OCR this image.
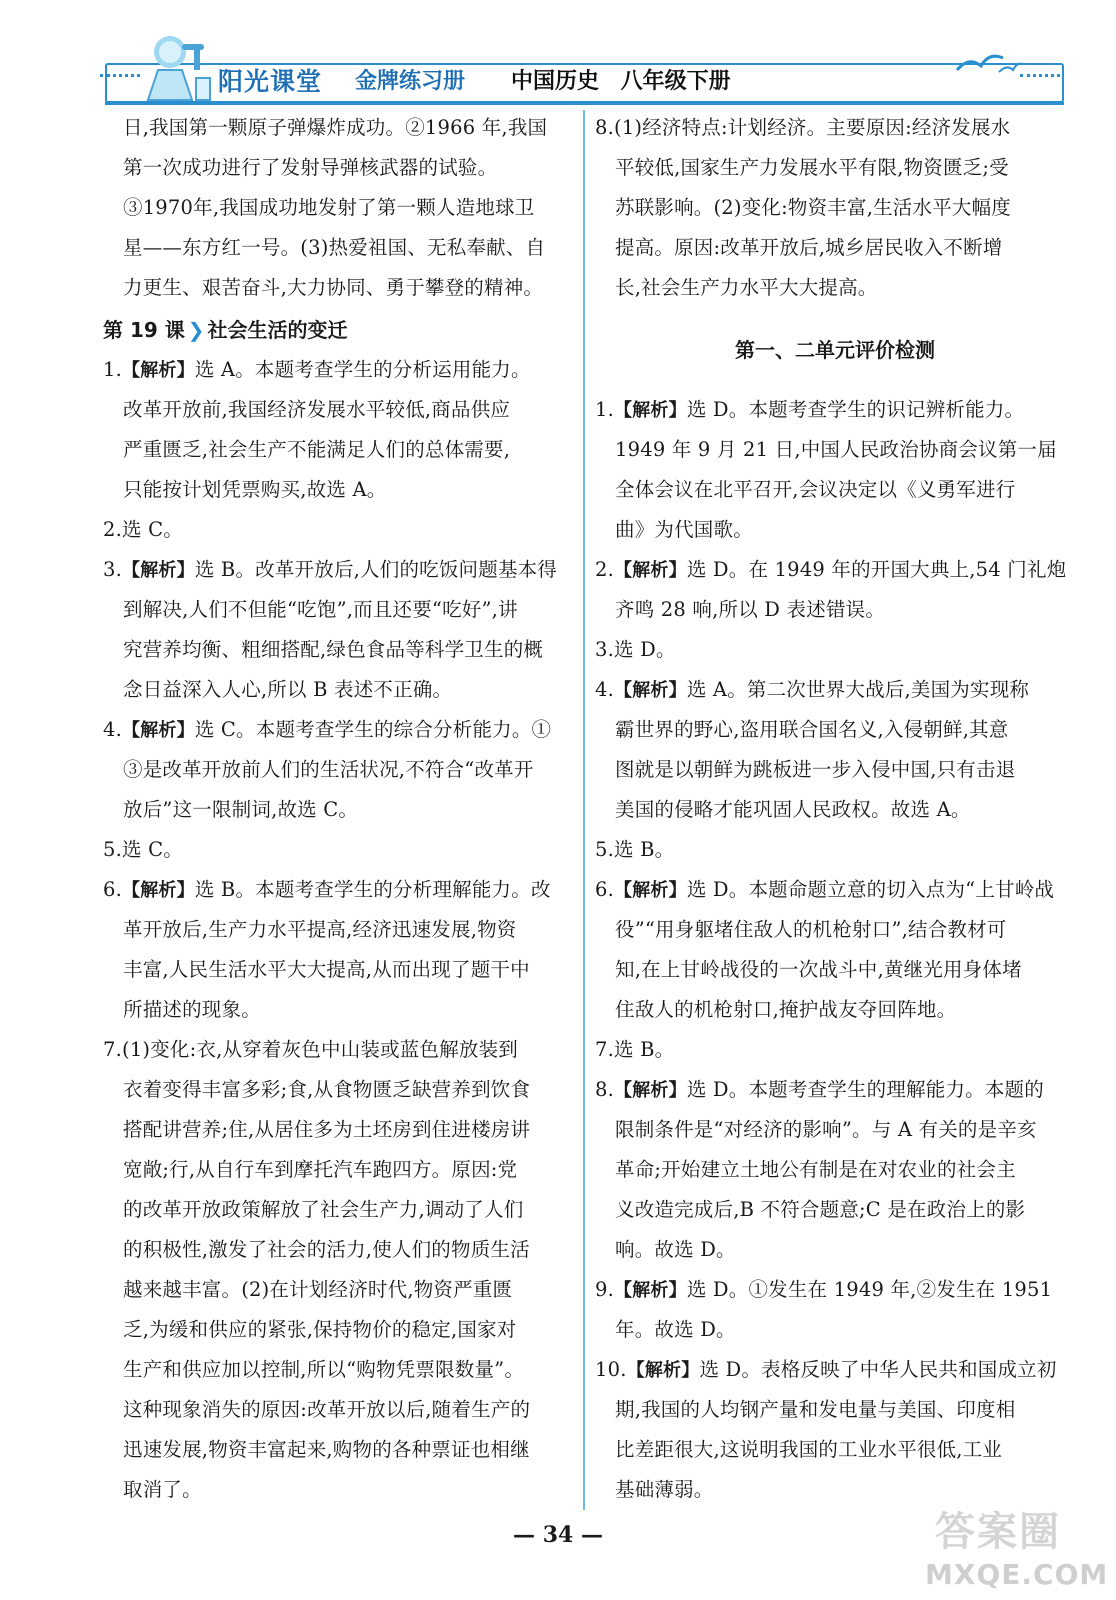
阳光课堂 金牌练习册 中国历史 八年级下册
日,我国第一颗原子弹爆炸成功。②1966 年,我国
第一次成功进行了发射导弹核武器的试验。
③1970年,我国成功地发射了第一颗人造地球卫
星——东方红一号。(3)热爱祖国、无私奉献、自
力更生、艰苦奋斗,大力协同、勇于攀登的精神。
第 19 课 ❯ 社会生活的变迁
1.【解析】选 A。本题考查学生的分析运用能力。
改革开放前,我国经济发展水平较低,商品供应
严重匮乏,社会生产不能满足人们的总体需要,
只能按计划凭票购买,故选 A。
2.选 C。
3.【解析】选 B。改革开放后,人们的吃饭问题基本得
到解决,人们不但能“吃饱”,而且还要“吃好”,讲
究营养均衡、粗细搭配,绿色食品等科学卫生的概
念日益深入人心,所以 B 表述不正确。
4.【解析】选 C。本题考查学生的综合分析能力。①
③是改革开放前人们的生活状况,不符合“改革开
放后”这一限制词,故选 C。
5.选 C。
6.【解析】选 B。本题考查学生的分析理解能力。改
革开放后,生产力水平提高,经济迅速发展,物资
丰富,人民生活水平大大提高,从而出现了题干中
所描述的现象。
7.(1)变化:衣,从穿着灰色中山装或蓝色解放装到
衣着变得丰富多彩;食,从食物匮乏缺营养到饮食
搭配讲营养;住,从居住多为土坯房到住进楼房讲
宽敞;行,从自行车到摩托汽车跑四方。原因:党
的改革开放政策解放了社会生产力,调动了人们
的积极性,激发了社会的活力,使人们的物质生活
越来越丰富。(2)在计划经济时代,物资严重匮
乏,为缓和供应的紧张,保持物价的稳定,国家对
生产和供应加以控制,所以“购物凭票限数量”。
这种现象消失的原因:改革开放以后,随着生产的
迅速发展,物资丰富起来,购物的各种票证也相继
取消了。
8.(1)经济特点:计划经济。主要原因:经济发展水
平较低,国家生产力发展水平有限,物资匮乏;受
苏联影响。(2)变化:物资丰富,生活水平大幅度
提高。原因:改革开放后,城乡居民收入不断增
长,社会生产力水平大大提高。
第一、二单元评价检测
1.【解析】选 D。本题考查学生的识记辨析能力。
1949 年 9 月 21 日,中国人民政治协商会议第一届
全体会议在北平召开,会议决定以《义勇军进行
曲》为代国歌。
2.【解析】选 D。在 1949 年的开国大典上,54 门礼炮
齐鸣 28 响,所以 D 表述错误。
3.选 D。
4.【解析】选 A。第二次世界大战后,美国为实现称
霸世界的野心,盗用联合国名义,入侵朝鲜,其意
图就是以朝鲜为跳板进一步入侵中国,只有击退
美国的侵略才能巩固人民政权。故选 A。
5.选 B。
6.【解析】选 D。本题命题立意的切入点为“上甘岭战
役”“用身躯堵住敌人的机枪射口”,结合教材可
知,在上甘岭战役的一次战斗中,黄继光用身体堵
住敌人的机枪射口,掩护战友夺回阵地。
7.选 B。
8.【解析】选 D。本题考查学生的理解能力。本题的
限制条件是“对经济的影响”。与 A 有关的是辛亥
革命;开始建立土地公有制是在对农业的社会主
义改造完成后,B 不符合题意;C 是在政治上的影
响。故选 D。
9.【解析】选 D。①发生在 1949 年,②发生在 1951
年。故选 D。
10.【解析】选 D。表格反映了中华人民共和国成立初
期,我国的人均钢产量和发电量与美国、印度相
比差距很大,这说明我国的工业水平很低,工业
基础薄弱。
— 34 —	答案圈
MXQE.COM
